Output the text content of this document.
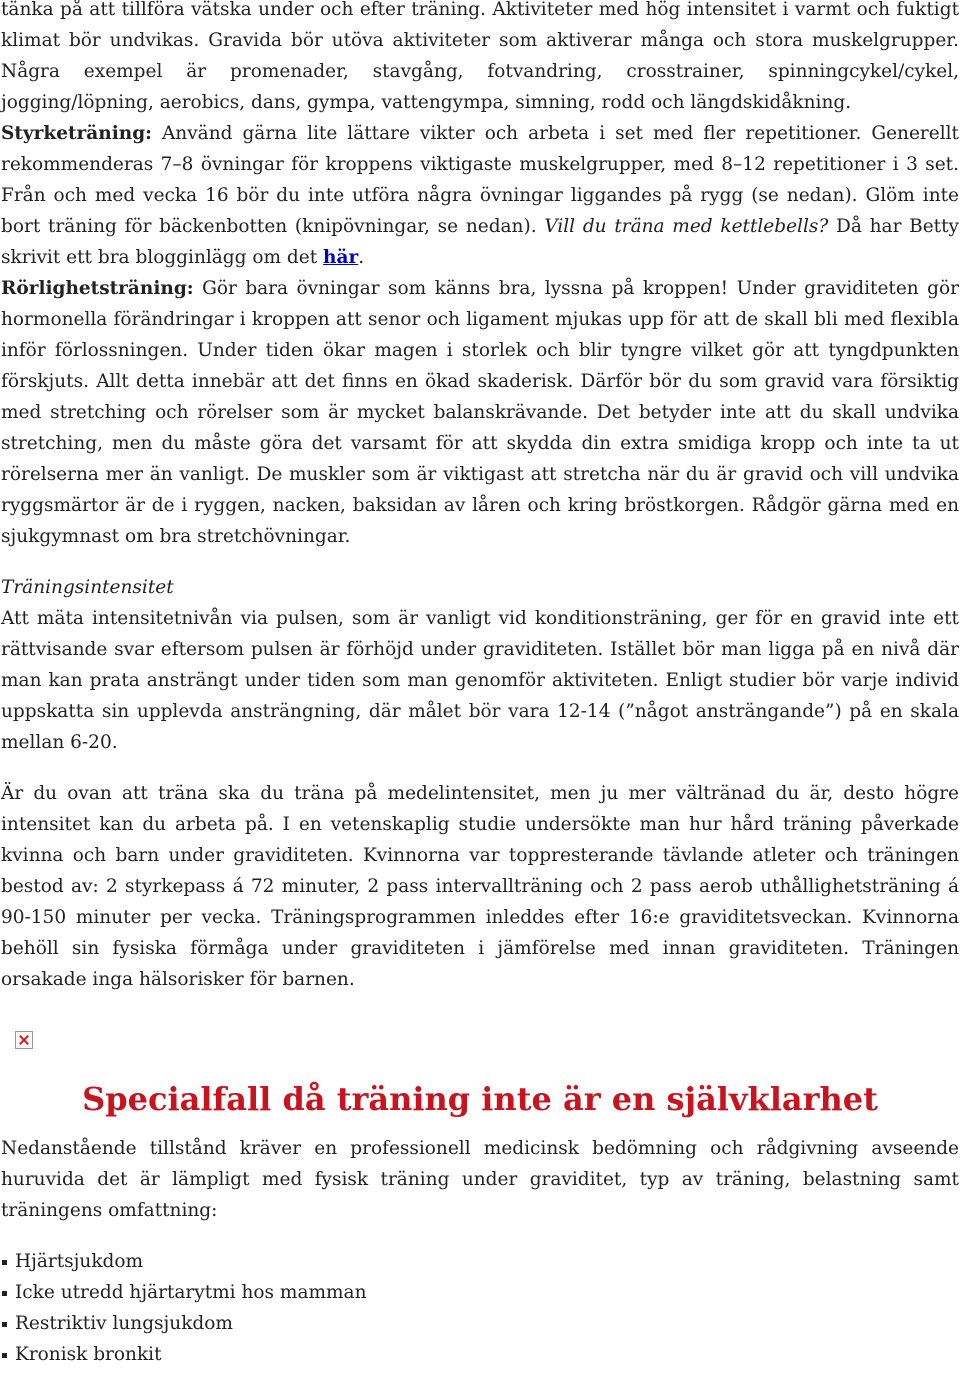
tänka på att tillföra vätska under och efter träning. Aktiviteter med hög intensitet i varmt och fuktigt klimat bör undvikas. Gravida bör utöva aktiviteter som aktiverar många och stora muskelgrupper. Några exempel är promenader, stavgång, fotvandring, crosstrainer, spinningcykel/cykel, jogging/löpning, aerobics, dans, gympa, vattengympa, simning, rodd och längdskidåkning.

Styrketräning: Använd gärna lite lättare vikter och arbeta i set med fler repetitioner. Generellt rekommenderas 7–8 övningar för kroppens viktigaste muskelgrupper, med 8–12 repetitioner i 3 set. Från och med vecka 16 bör du inte utföra några övningar liggandes på rygg (se nedan). Glöm inte bort träning för bäckenbotten (knipövningar, se nedan). Vill du träna med kettlebells? Då har Betty skrivit ett bra blogginlägg om det här.

Rörlighetsträning: Gör bara övningar som känns bra, lyssna på kroppen! Under graviditeten gör hormonella förändringar i kroppen att senor och ligament mjukas upp för att de skall bli med flexibla inför förlossningen. Under tiden ökar magen i storlek och blir tyngre vilket gör att tyngdpunkten förskjuts. Allt detta innebär att det finns en ökad skaderisk. Därför bör du som gravid vara försiktig med stretching och rörelser som är mycket balanskrävande. Det betyder inte att du skall undvika stretching, men du måste göra det varsamt för att skydda din extra smidiga kropp och inte ta ut rörelserna mer än vanligt. De muskler som är viktigast att stretcha när du är gravid och vill undvika ryggsmärtor är de i ryggen, nacken, baksidan av låren och kring bröstkorgen. Rådgör gärna med en sjukgymnast om bra stretchövningar.

Träningsintensitet

Att mäta intensitetnivån via pulsen, som är vanligt vid konditionsträning, ger för en gravid inte ett rättvisande svar eftersom pulsen är förhöjd under graviditeten. Istället bör man ligga på en nivå där man kan prata ansträngt under tiden som man genomför aktiviteten. Enligt studier bör varje individ uppskatta sin upplevda ansträngning, där målet bör vara 12-14 (”något ansträngande”) på en skala mellan 6-20.

Är du ovan att träna ska du träna på medelintensitet, men ju mer vältränad du är, desto högre intensitet kan du arbeta på. I en vetenskaplig studie undersökte man hur hård träning påverkade kvinna och barn under graviditeten. Kvinnorna var toppresterande tävlande atleter och träningen bestod av: 2 styrkepass á 72 minuter, 2 pass intervallträning och 2 pass aerob uthållighetsträning á 90-150 minuter per vecka. Träningsprogrammen inleddes efter 16:e graviditetsveckan. Kvinnorna behöll sin fysiska förmåga under graviditeten i jämförelse med innan graviditeten. Träningen orsakade inga hälsorisker för barnen.

Specialfall då träning inte är en självklarhet

Nedanstående tillstånd kräver en professionell medicinsk bedömning och rådgivning avseende huruvida det är lämpligt med fysisk träning under graviditet, typ av träning, belastning samt träningens omfattning:

Hjärtsjukdom
Icke utredd hjärtarytmi hos mamman
Restriktiv lungsjukdom
Kronisk bronkit
